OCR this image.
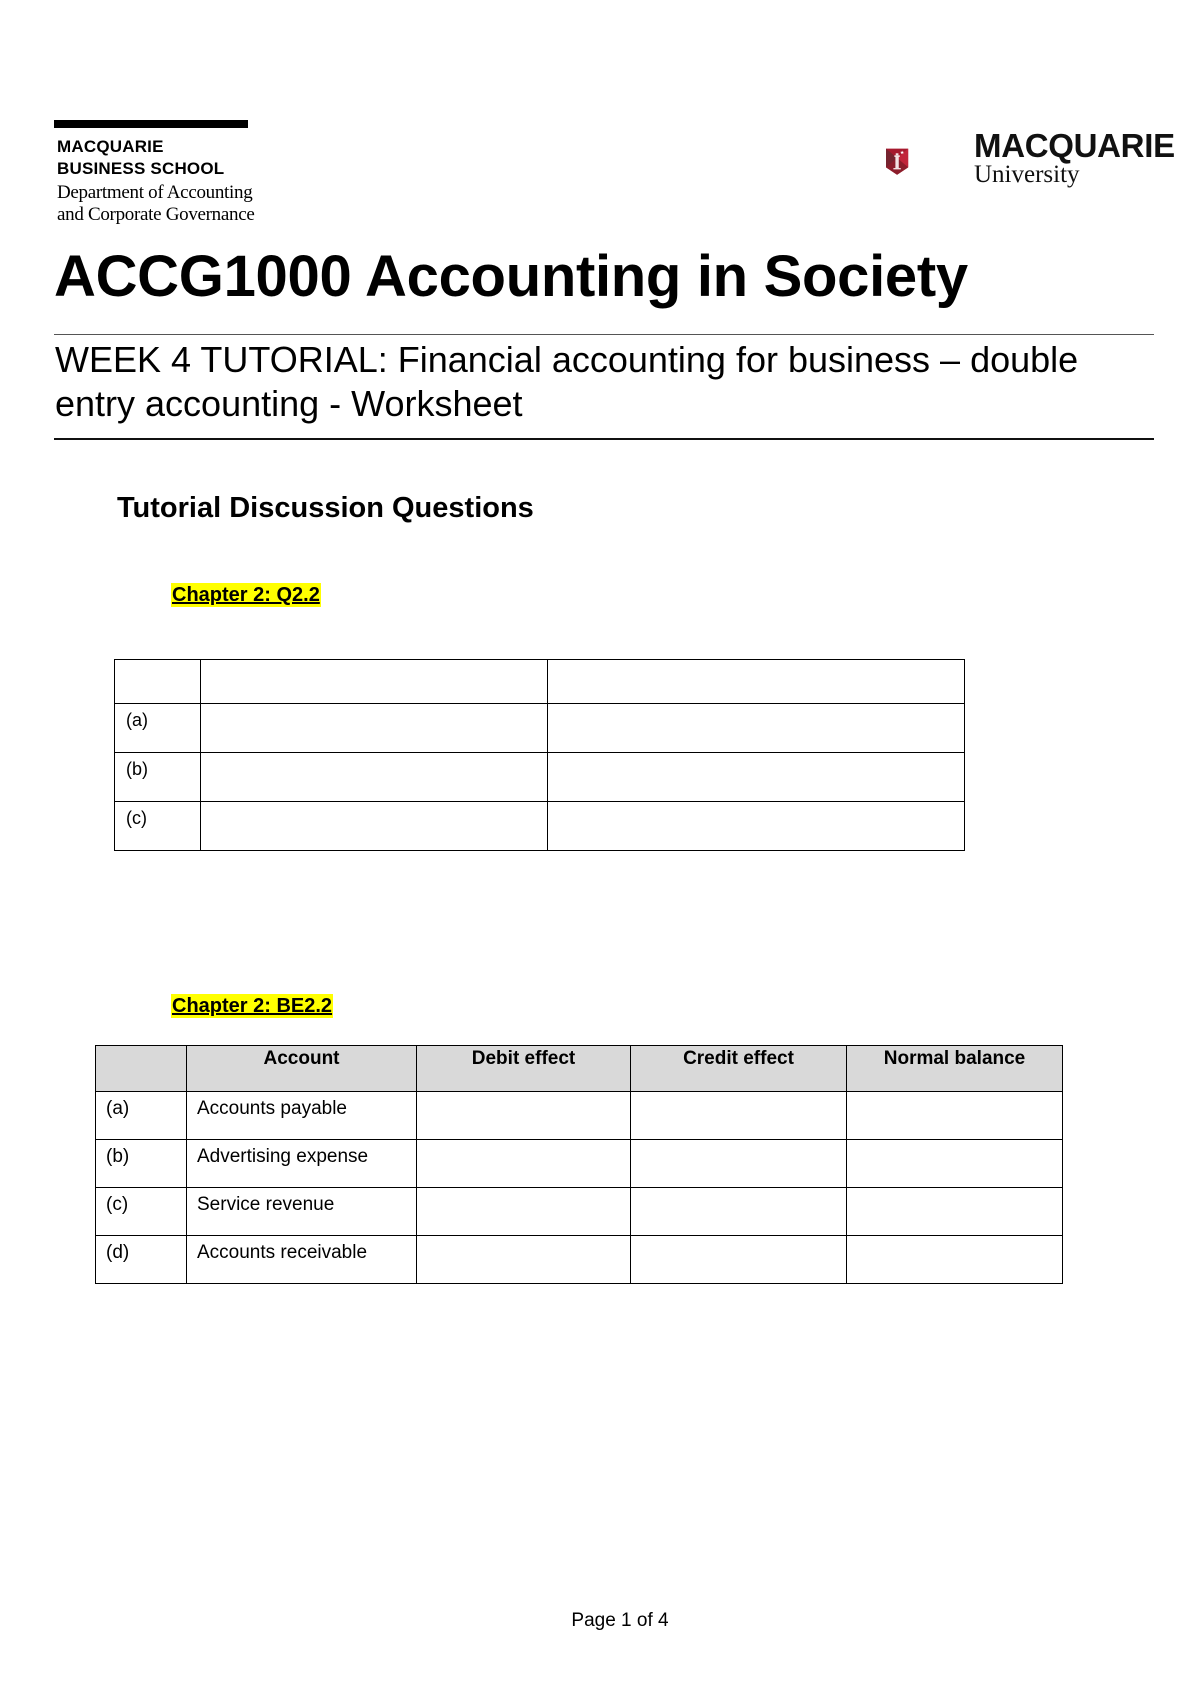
MACQUARIE
BUSINESS SCHOOL
Department of Accounting
and Corporate Governance
MACQUARIE
University
ACCG1000 Accounting in Society
WEEK 4 TUTORIAL: Financial accounting for business – double entry accounting - Worksheet
Tutorial Discussion Questions
Chapter 2: Q2.2

(a)		
(b)		
(c)		
Chapter 2: BE2.2
	Account	Debit effect	Credit effect	Normal balance
(a)	Accounts payable			
(b)	Advertising expense			
(c)	Service revenue			
(d)	Accounts receivable			
Page 1 of 4
